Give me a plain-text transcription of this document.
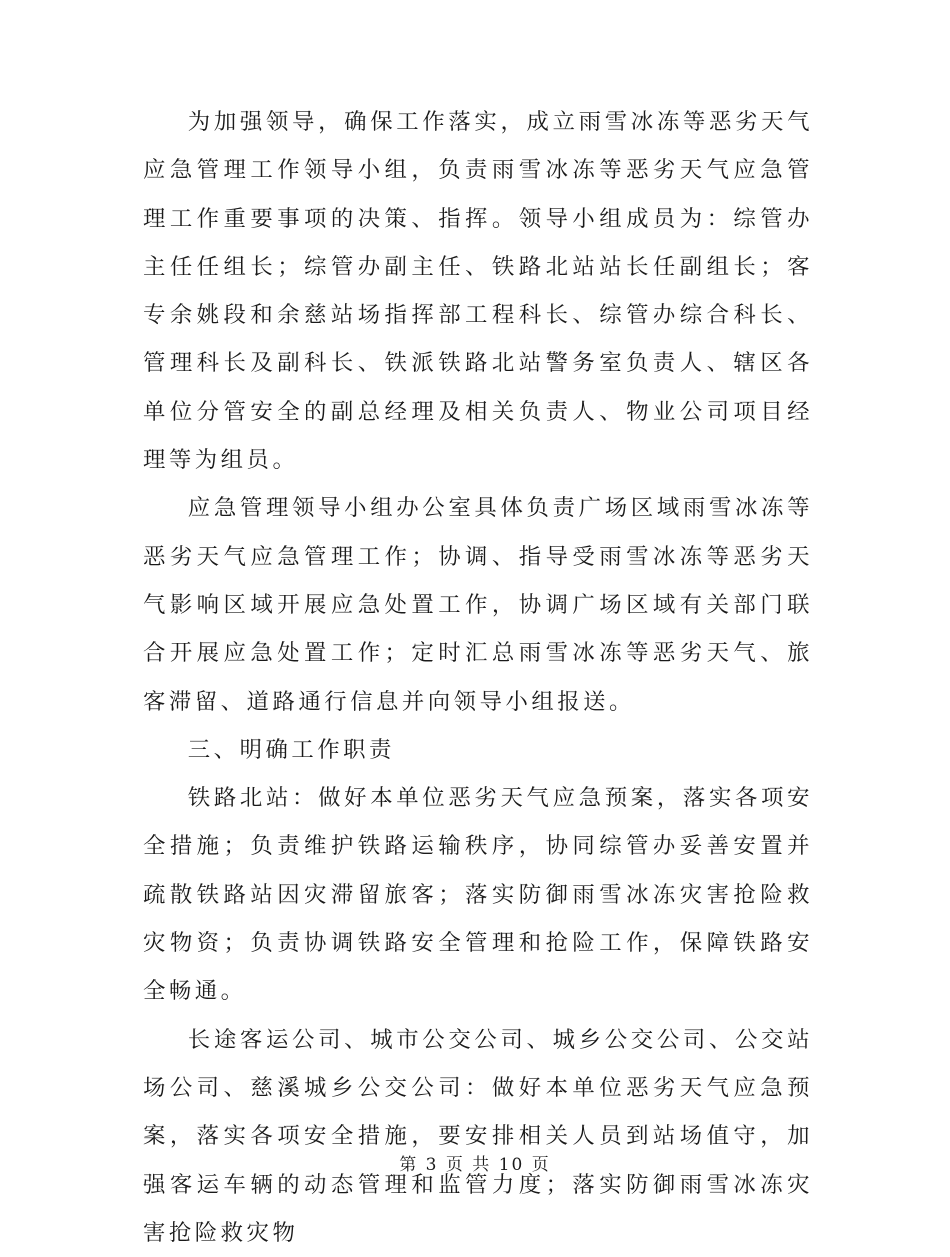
为加强领导，确保工作落实，成立雨雪冰冻等恶劣天气应急管理工作领导小组，负责雨雪冰冻等恶劣天气应急管理工作重要事项的决策、指挥。领导小组成员为：综管办主任任组长；综管办副主任、铁路北站站长任副组长；客专余姚段和余慈站场指挥部工程科长、综管办综合科长、管理科长及副科长、铁派铁路北站警务室负责人、辖区各单位分管安全的副总经理及相关负责人、物业公司项目经理等为组员。

应急管理领导小组办公室具体负责广场区域雨雪冰冻等恶劣天气应急管理工作；协调、指导受雨雪冰冻等恶劣天气影响区域开展应急处置工作，协调广场区域有关部门联合开展应急处置工作；定时汇总雨雪冰冻等恶劣天气、旅客滞留、道路通行信息并向领导小组报送。

三、明确工作职责

铁路北站：做好本单位恶劣天气应急预案，落实各项安全措施；负责维护铁路运输秩序，协同综管办妥善安置并疏散铁路站因灾滞留旅客；落实防御雨雪冰冻灾害抢险救灾物资；负责协调铁路安全管理和抢险工作，保障铁路安全畅通。

长途客运公司、城市公交公司、城乡公交公司、公交站场公司、慈溪城乡公交公司：做好本单位恶劣天气应急预案，落实各项安全措施，要安排相关人员到站场值守，加强客运车辆的动态管理和监管力度；落实防御雨雪冰冻灾害抢险救灾物

第 3 页 共 10 页
